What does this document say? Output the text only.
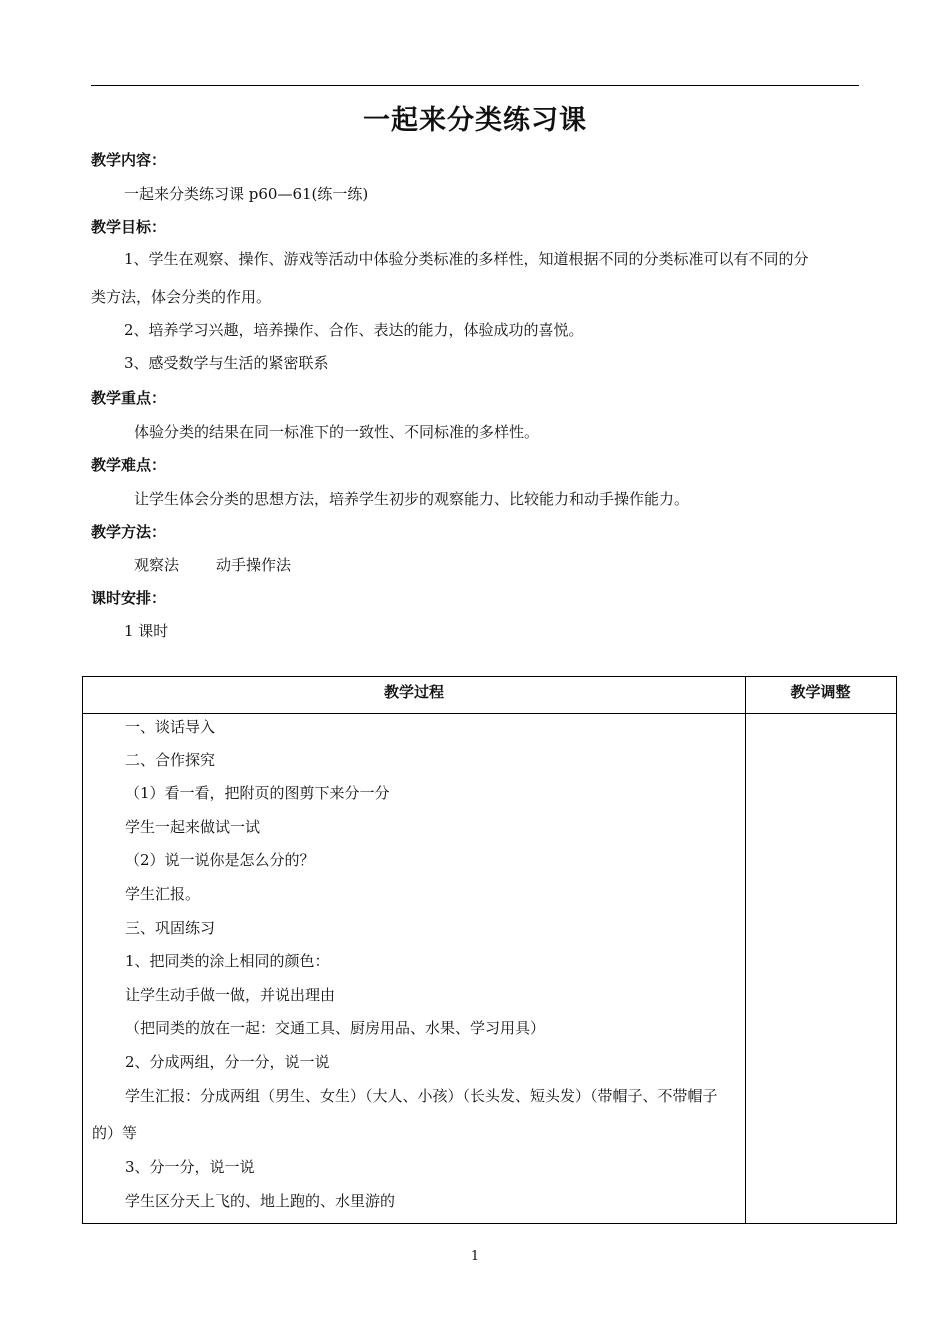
一起来分类练习课
教学内容：
一起来分类练习课 p60—61(练一练)
教学目标：
1、学生在观察、操作、游戏等活动中体验分类标准的多样性，知道根据不同的分类标准可以有不同的分
类方法，体会分类的作用。
2、培养学习兴趣，培养操作、合作、表达的能力，体验成功的喜悦。
3、感受数学与生活的紧密联系
教学重点：
体验分类的结果在同一标准下的一致性、不同标准的多样性。
教学难点：
让学生体会分类的思想方法，培养学生初步的观察能力、比较能力和动手操作能力。
教学方法：
观察法 动手操作法
课时安排：
1 课时
教学过程	教学调整
一、谈话导入
二、合作探究
（1）看一看，把附页的图剪下来分一分
学生一起来做试一试
（2）说一说你是怎么分的？
学生汇报。
三、巩固练习
1、把同类的涂上相同的颜色：
让学生动手做一做，并说出理由
（把同类的放在一起：交通工具、厨房用品、水果、学习用具）
2、分成两组，分一分，说一说
学生汇报：分成两组（男生、女生）（大人、小孩）（长头发、短头发）（带帽子、不带帽子
的）等
3、分一分，说一说
学生区分天上飞的、地上跑的、水里游的
1
